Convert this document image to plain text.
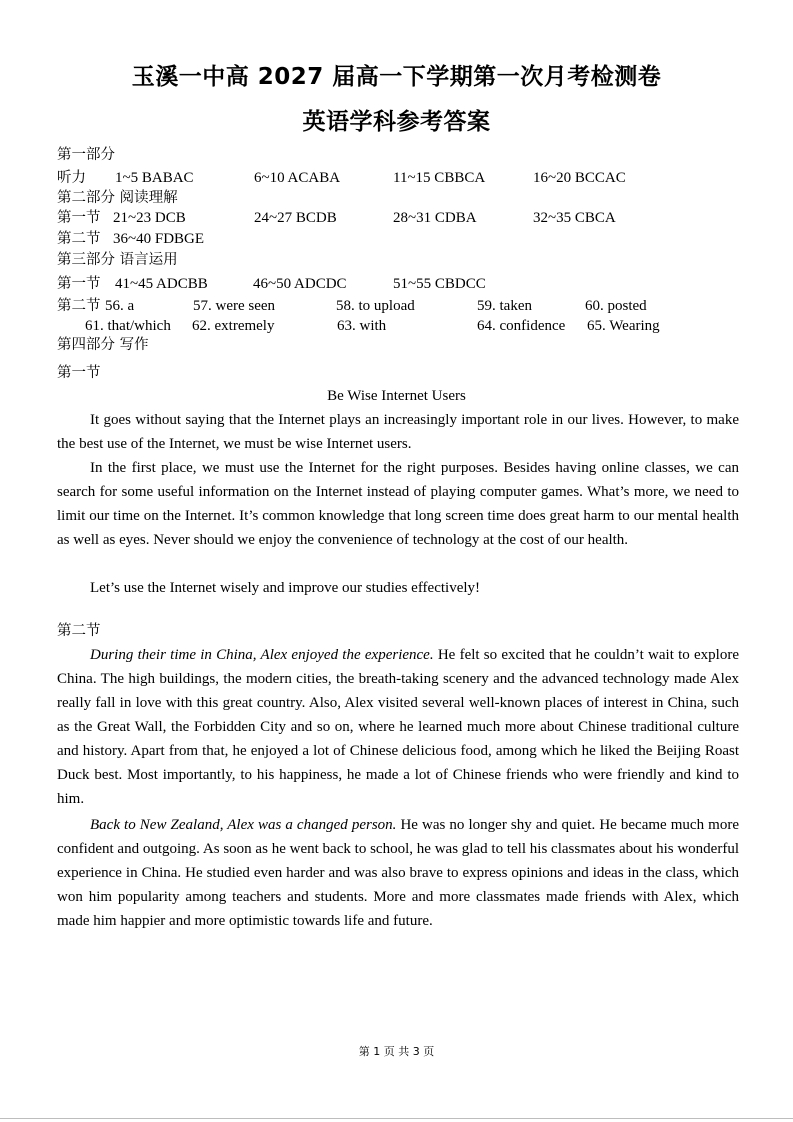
玉溪一中高 2027 届高一下学期第一次月考检测卷
英语学科参考答案
第一部分
听力 1~5 BABAC	6~10 ACABA	11~15 CBBCA	16~20 BCCAC
第二部分 阅读理解
第一节 21~23 DCB	24~27 BCDB	28~31 CDBA	32~35 CBCA
第二节 36~40 FDBGE
第三部分 语言运用
第一节 41~45 ADCBB	46~50 ADCDC	51~55 CBDCC
第二节 56. a	57. were seen	58. to upload	59. taken	60. posted
61. that/which 62. extremely	63. with	64. confidence 65. Wearing
第四部分 写作
第一节
Be Wise Internet Users

It goes without saying that the Internet plays an increasingly important role in our lives. However, to make the best use of the Internet, we must be wise Internet users.

In the first place, we must use the Internet for the right purposes. Besides having online classes, we can search for some useful information on the Internet instead of playing computer games. What’s more, we need to limit our time on the Internet. It’s common knowledge that long screen time does great harm to our mental health as well as eyes. Never should we enjoy the convenience of technology at the cost of our health.

Let’s use the Internet wisely and improve our studies effectively!

第二节

During their time in China, Alex enjoyed the experience. He felt so excited that he couldn’t wait to explore China. The high buildings, the modern cities, the breath-taking scenery and the advanced technology made Alex really fall in love with this great country. Also, Alex visited several well-known places of interest in China, such as the Great Wall, the Forbidden City and so on, where he learned much more about Chinese traditional culture and history. Apart from that, he enjoyed a lot of Chinese delicious food, among which he liked the Beijing Roast Duck best. Most importantly, to his happiness, he made a lot of Chinese friends who were friendly and kind to him.

Back to New Zealand, Alex was a changed person. He was no longer shy and quiet. He became much more confident and outgoing. As soon as he went back to school, he was glad to tell his classmates about his wonderful experience in China. He studied even harder and was also brave to express opinions and ideas in the class, which won him popularity among teachers and students. More and more classmates made friends with Alex, which made him happier and more optimistic towards life and future.

第 1 页 共 3 页
